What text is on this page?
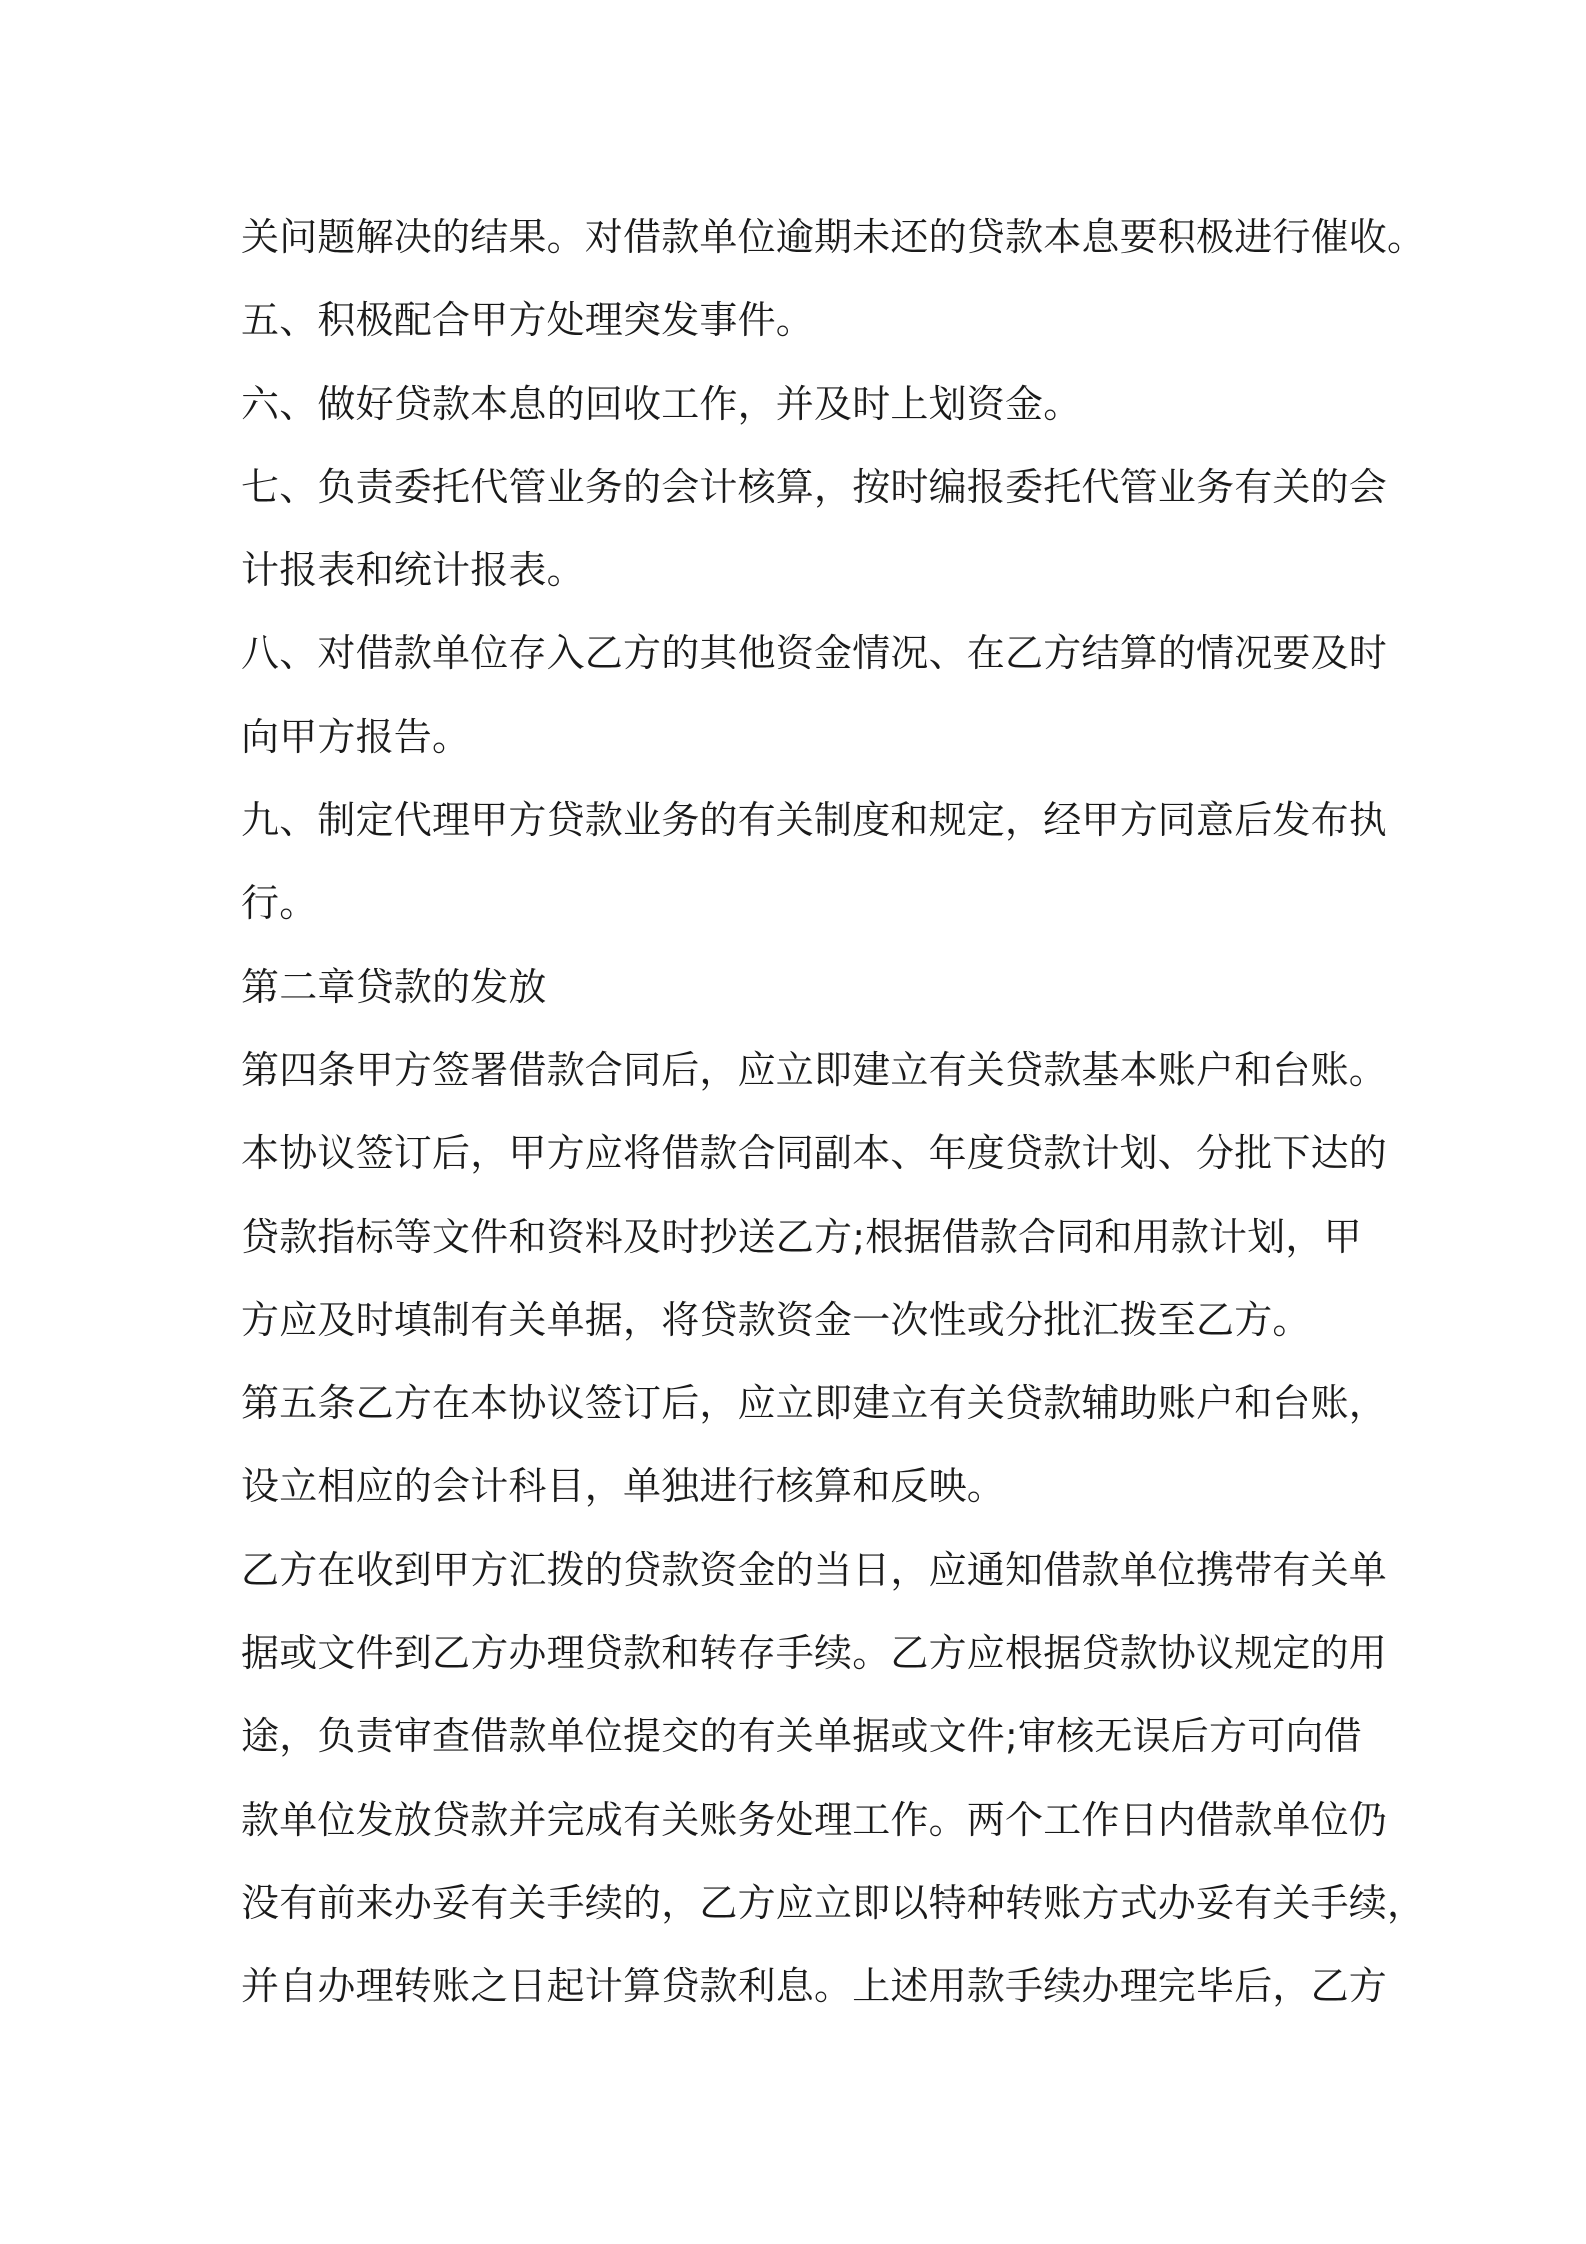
关问题解决的结果。对借款单位逾期未还的贷款本息要积极进行催收。
五、积极配合甲方处理突发事件。
六、做好贷款本息的回收工作，并及时上划资金。
七、负责委托代管业务的会计核算，按时编报委托代管业务有关的会
计报表和统计报表。
八、对借款单位存入乙方的其他资金情况、在乙方结算的情况要及时
向甲方报告。
九、制定代理甲方贷款业务的有关制度和规定，经甲方同意后发布执
行。
第二章贷款的发放
第四条甲方签署借款合同后，应立即建立有关贷款基本账户和台账。
本协议签订后，甲方应将借款合同副本、年度贷款计划、分批下达的
贷款指标等文件和资料及时抄送乙方;根据借款合同和用款计划，甲
方应及时填制有关单据，将贷款资金一次性或分批汇拨至乙方。
第五条乙方在本协议签订后，应立即建立有关贷款辅助账户和台账，
设立相应的会计科目，单独进行核算和反映。
乙方在收到甲方汇拨的贷款资金的当日，应通知借款单位携带有关单
据或文件到乙方办理贷款和转存手续。乙方应根据贷款协议规定的用
途，负责审查借款单位提交的有关单据或文件;审核无误后方可向借
款单位发放贷款并完成有关账务处理工作。两个工作日内借款单位仍
没有前来办妥有关手续的，乙方应立即以特种转账方式办妥有关手续，
并自办理转账之日起计算贷款利息。上述用款手续办理完毕后，乙方
